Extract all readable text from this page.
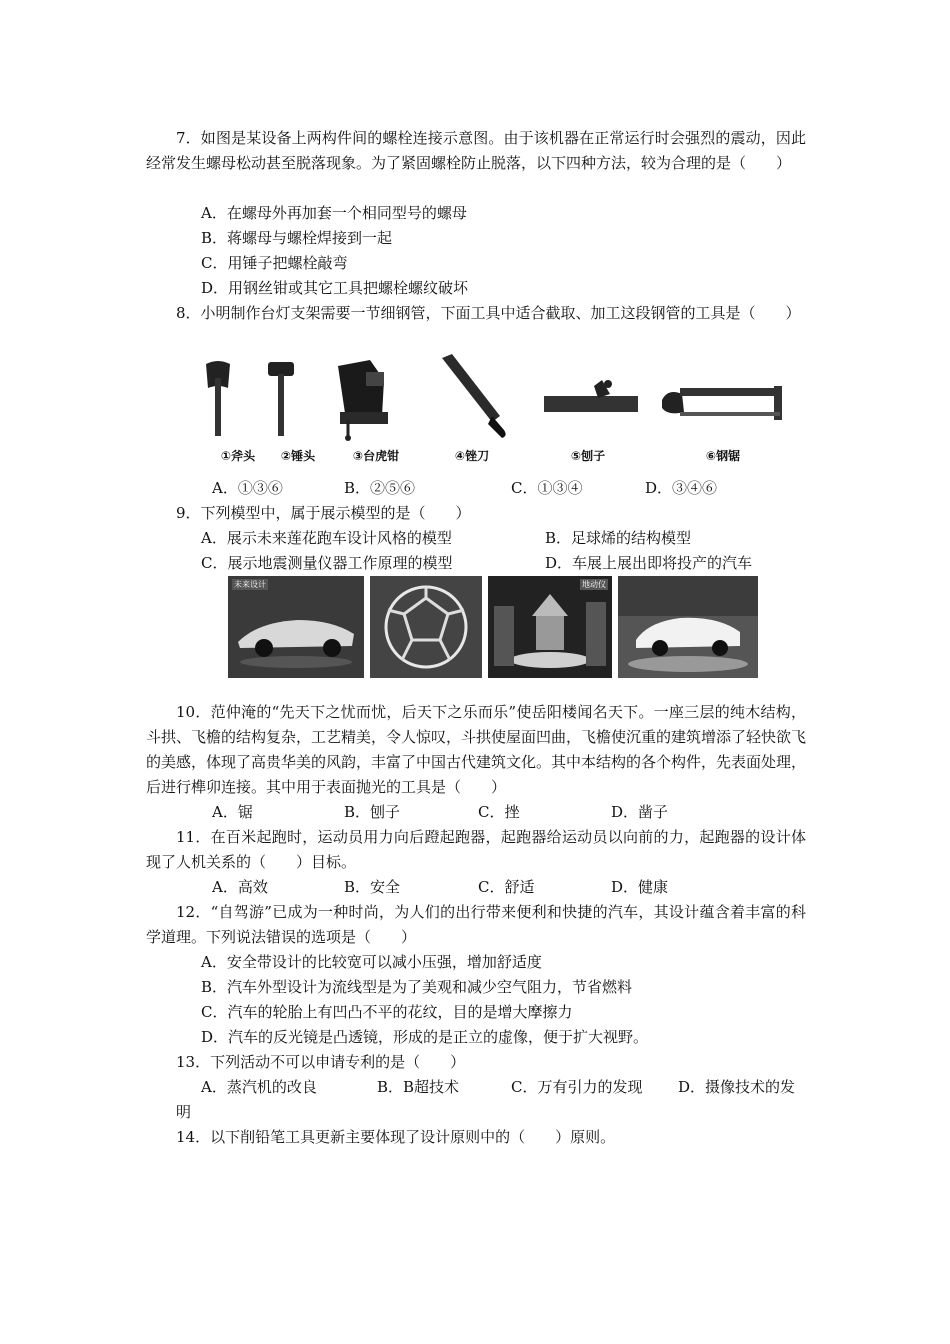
7．如图是某设备上两构件间的螺栓连接示意图。由于该机器在正常运行时会强烈的震动，因此经常发生螺母松动甚至脱落现象。为了紧固螺栓防止脱落，以下四种方法，较为合理的是（　　）

A．在螺母外再加套一个相同型号的螺母
B．蒋螺母与螺栓焊接到一起
C．用锤子把螺栓敲弯
D．用钢丝钳或其它工具把螺栓螺纹破坏

8．小明制作台灯支架需要一节细钢管，下面工具中适合截取、加工这段钢管的工具是（　　）

①斧头	②锤头	③台虎钳	④锉刀	⑤刨子	⑥钢锯
A．①③⑥	B．②⑤⑥	C．①③④	D．③④⑥
9．下列模型中，属于展示模型的是（　　）
A．展示未来莲花跑车设计风格的模型	B．足球烯的结构模型
C．展示地震测量仪器工作原理的模型	D．车展上展出即将投产的汽车
未来设计	地动仪

10．范仲淹的“先天下之忧而忧，后天下之乐而乐”使岳阳楼闻名天下。一座三层的纯木结构，斗拱、飞檐的结构复杂，工艺精美，令人惊叹，斗拱使屋面凹曲，飞檐使沉重的建筑增添了轻快欲飞的美感，体现了高贵华美的风韵，丰富了中国古代建筑文化。其中本结构的各个构件，先表面处理，后进行榫卯连接。其中用于表面抛光的工具是（　　）

A．锯	B．刨子	C．挫	D．凿子

11．在百米起跑时，运动员用力向后蹬起跑器，起跑器给运动员以向前的力，起跑器的设计体现了人机关系的（　　）目标。

A．高效	B．安全	C．舒适	D．健康

12．“自驾游”已成为一种时尚，为人们的出行带来便利和快捷的汽车，其设计蕴含着丰富的科学道理。下列说法错误的选项是（　　）

A．安全带设计的比较宽可以减小压强，增加舒适度
B．汽车外型设计为流线型是为了美观和减少空气阻力，节省燃料
C．汽车的轮胎上有凹凸不平的花纹，目的是增大摩擦力
D．汽车的反光镜是凸透镜，形成的是正立的虚像，便于扩大视野。
13．下列活动不可以申请专利的是（　　）
A．蒸汽机的改良	B．B超技术	C．万有引力的发现 D．摄像技术的发
明
14．以下削铅笔工具更新主要体现了设计原则中的（　　）原则。
